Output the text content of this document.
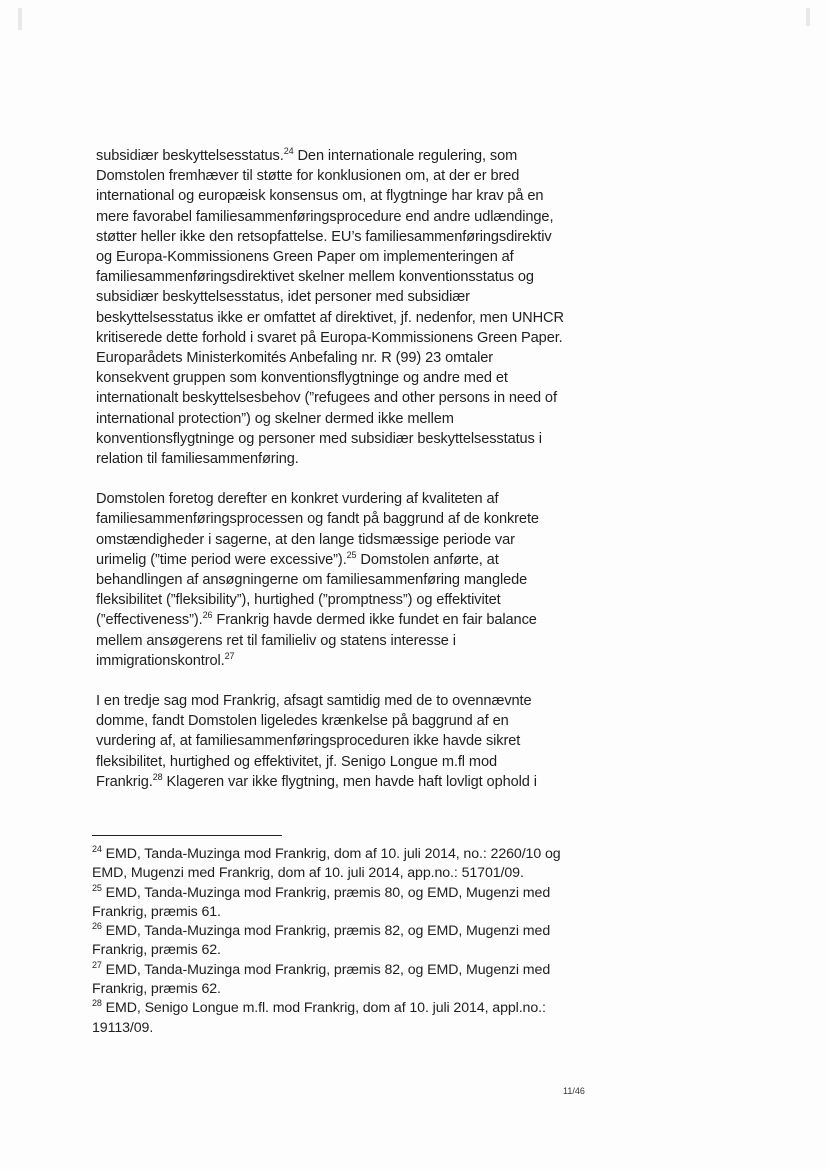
subsidiær beskyttelsesstatus.$^{24}$ Den internationale regulering, som Domstolen fremhæver til støtte for konklusionen om, at der er bred international og europæisk konsensus om, at flygtninge har krav på en mere favorabel familiesammenføringsprocedure end andre udlændinge, støtter heller ikke den retsopfattelse. EU’s familiesammenføringsdirektiv og Europa-Kommissionens Green Paper om implementeringen af familiesammenføringsdirektivet skelner mellem konventionsstatus og subsidiær beskyttelsesstatus, idet personer med subsidiær beskyttelsesstatus ikke er omfattet af direktivet, jf. nedenfor, men UNHCR kritiserede dette forhold i svaret på Europa-Kommissionens Green Paper. Europarådets Ministerkomités Anbefaling nr. R (99) 23 omtaler konsekvent gruppen som konventionsflygtninge og andre med et internationalt beskyttelsesbehov (”refugees and other persons in need of international protection”) og skelner dermed ikke mellem konventionsflygtninge og personer med subsidiær beskyttelsesstatus i relation til familiesammenføring.

Domstolen foretog derefter en konkret vurdering af kvaliteten af familiesammenføringsprocessen og fandt på baggrund af de konkrete omstændigheder i sagerne, at den lange tidsmæssige periode var urimelig (”time period were excessive”).$^{25}$ Domstolen anførte, at behandlingen af ansøgningerne om familiesammenføring manglede fleksibilitet (”fleksibility”), hurtighed (”promptness”) og effektivitet (”effectiveness”).$^{26}$ Frankrig havde dermed ikke fundet en fair balance mellem ansøgerens ret til familieliv og statens interesse i immigrationskontrol.$^{27}$

I en tredje sag mod Frankrig, afsagt samtidig med de to ovennævnte domme, fandt Domstolen ligeledes krænkelse på baggrund af en vurdering af, at familiesammenføringsproceduren ikke havde sikret fleksibilitet, hurtighed og effektivitet, jf. Senigo Longue m.fl mod Frankrig.$^{28}$ Klageren var ikke flygtning, men havde haft lovligt ophold i

$^{24}$ EMD, Tanda-Muzinga mod Frankrig, dom af 10. juli 2014, no.: 2260/10 og EMD, Mugenzi med Frankrig, dom af 10. juli 2014, app.no.: 51701/09.

$^{25}$ EMD, Tanda-Muzinga mod Frankrig, præmis 80, og EMD, Mugenzi med Frankrig, præmis 61.

$^{26}$ EMD, Tanda-Muzinga mod Frankrig, præmis 82, og EMD, Mugenzi med Frankrig, præmis 62.

$^{27}$ EMD, Tanda-Muzinga mod Frankrig, præmis 82, og EMD, Mugenzi med Frankrig, præmis 62.

$^{28}$ EMD, Senigo Longue m.fl. mod Frankrig, dom af 10. juli 2014, appl.no.: 19113/09.

11/46
